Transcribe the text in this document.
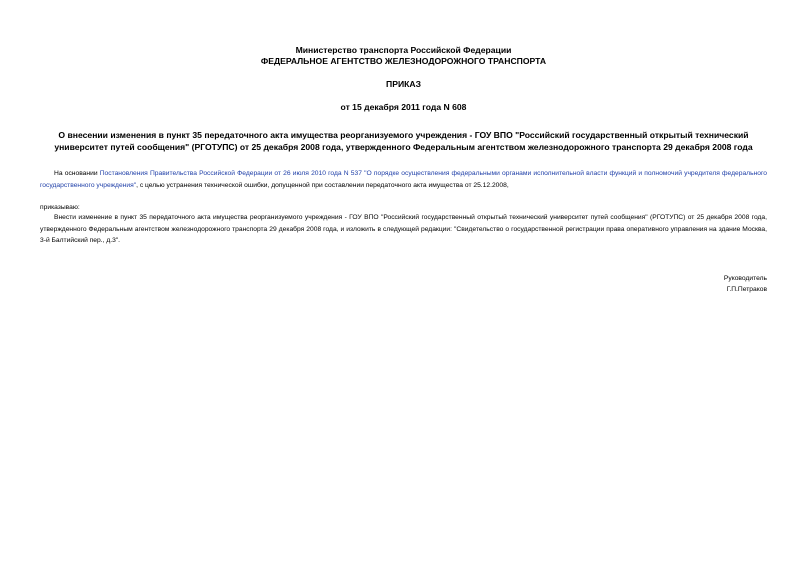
Министерство транспорта Российской Федерации
ФЕДЕРАЛЬНОЕ АГЕНТСТВО ЖЕЛЕЗНОДОРОЖНОГО ТРАНСПОРТА
ПРИКАЗ
от 15 декабря 2011 года N 608
О внесении изменения в пункт 35 передаточного акта имущества реорганизуемого учреждения - ГОУ ВПО "Российский государственный открытый технический университет путей сообщения" (РГОТУПС) от 25 декабря 2008 года, утвержденного Федеральным агентством железнодорожного транспорта 29 декабря 2008 года
На основании Постановления Правительства Российской Федерации от 26 июля 2010 года N 537 "О порядке осуществления федеральными органами исполнительной власти функций и полномочий учредителя федерального государственного учреждения", с целью устранения технической ошибки, допущенной при составлении передаточного акта имущества от 25.12.2008,
приказываю:
Внести изменение в пункт 35 передаточного акта имущества реорганизуемого учреждения - ГОУ ВПО "Российский государственный открытый технический университет путей сообщения" (РГОТУПС) от 25 декабря 2008 года, утвержденного Федеральным агентством железнодорожного транспорта 29 декабря 2008 года, и изложить в следующей редакции: "Свидетельство о государственной регистрации права оперативного управления на здание Москва, 3-й Балтийский пер., д.3".
Руководитель
Г.П.Петраков
